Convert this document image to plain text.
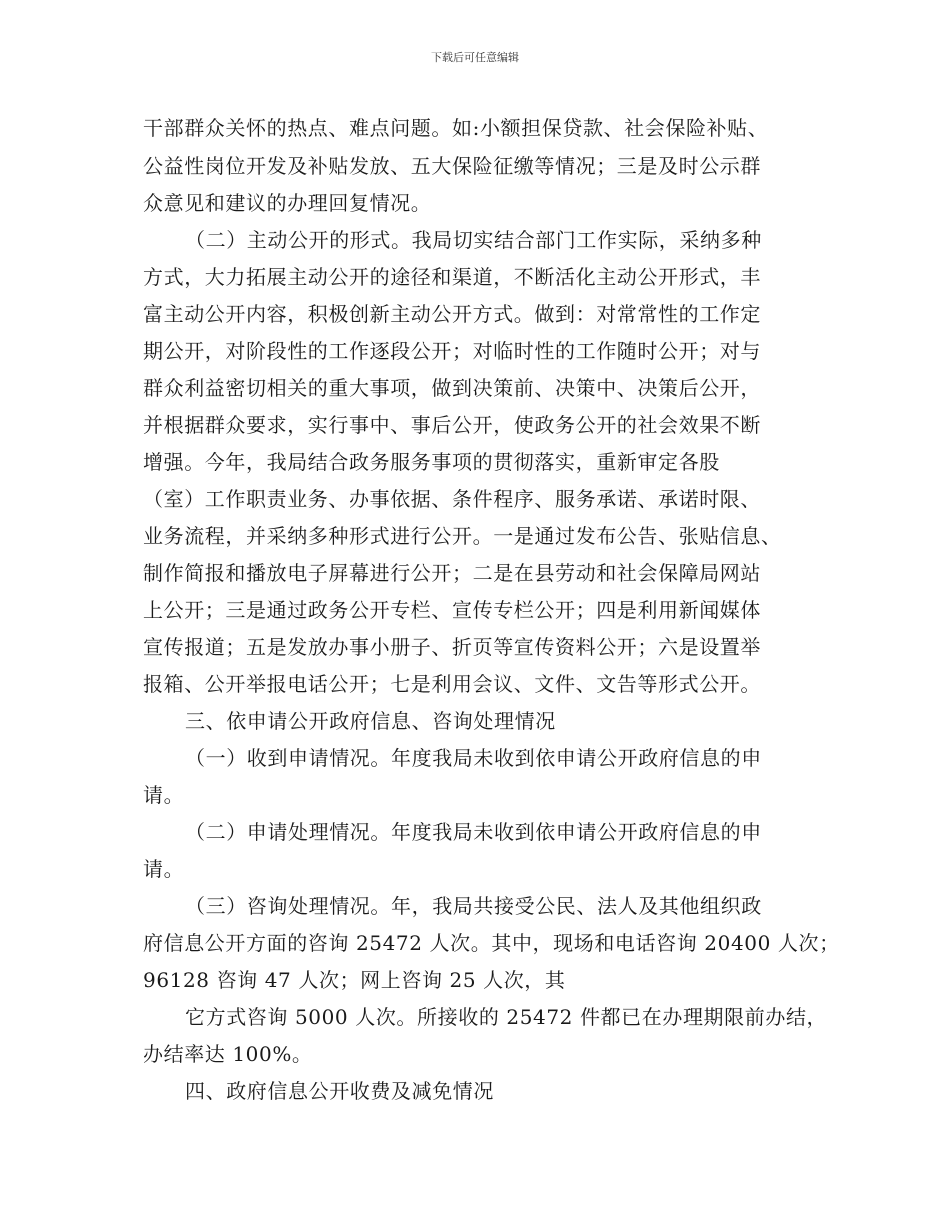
下载后可任意编辑
干部群众关怀的热点、难点问题。如:小额担保贷款、社会保险补贴、
公益性岗位开发及补贴发放、五大保险征缴等情况；三是及时公示群
众意见和建议的办理回复情况。
（二）主动公开的形式。我局切实结合部门工作实际，采纳多种
方式，大力拓展主动公开的途径和渠道，不断活化主动公开形式，丰
富主动公开内容，积极创新主动公开方式。做到：对常常性的工作定
期公开，对阶段性的工作逐段公开；对临时性的工作随时公开；对与
群众利益密切相关的重大事项，做到决策前、决策中、决策后公开，
并根据群众要求，实行事中、事后公开，使政务公开的社会效果不断
增强。今年，我局结合政务服务事项的贯彻落实，重新审定各股
（室）工作职责业务、办事依据、条件程序、服务承诺、承诺时限、
业务流程，并采纳多种形式进行公开。一是通过发布公告、张贴信息、
制作简报和播放电子屏幕进行公开；二是在县劳动和社会保障局网站
上公开；三是通过政务公开专栏、宣传专栏公开；四是利用新闻媒体
宣传报道；五是发放办事小册子、折页等宣传资料公开；六是设置举
报箱、公开举报电话公开；七是利用会议、文件、文告等形式公开。
三、依申请公开政府信息、咨询处理情况
（一）收到申请情况。年度我局未收到依申请公开政府信息的申
请。
（二）申请处理情况。年度我局未收到依申请公开政府信息的申
请。
（三）咨询处理情况。年，我局共接受公民、法人及其他组织政
府信息公开方面的咨询 25472 人次。其中，现场和电话咨询 20400 人次；
96128 咨询 47 人次；网上咨询 25 人次，其
它方式咨询 5000 人次。所接收的 25472 件都已在办理期限前办结，
办结率达 100%。
四、政府信息公开收费及减免情况
